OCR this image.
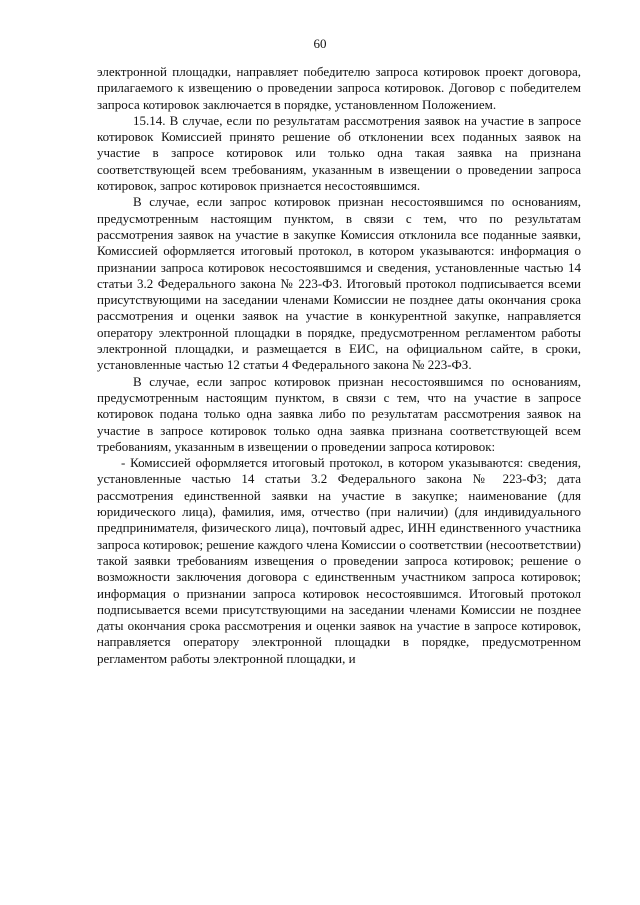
60

электронной площадки, направляет победителю запроса котировок проект договора, прилагаемого к извещению о проведении запроса котировок. Договор с победителем запроса котировок заключается в порядке, установленном Положением.

15.14. В случае, если по результатам рассмотрения заявок на участие в запросе котировок Комиссией принято решение об отклонении всех поданных заявок на участие в запросе котировок или только одна такая заявка на признана соответствующей всем требованиям, указанным в извещении о проведении запроса котировок, запрос котировок признается несостоявшимся.

В случае, если запрос котировок признан несостоявшимся по основаниям, предусмотренным настоящим пунктом, в связи с тем, что по результатам рассмотрения заявок на участие в закупке Комиссия отклонила все поданные заявки, Комиссией оформляется итоговый протокол, в котором указываются: информация о признании запроса котировок несостоявшимся и сведения, установленные частью 14 статьи 3.2 Федерального закона № 223-ФЗ. Итоговый протокол подписывается всеми присутствующими на заседании членами Комиссии не позднее даты окончания срока рассмотрения и оценки заявок на участие в конкурентной закупке, направляется оператору электронной площадки в порядке, предусмотренном регламентом работы электронной площадки, и размещается в ЕИС, на официальном сайте, в сроки, установленные частью 12 статьи 4 Федерального закона № 223-ФЗ.

В случае, если запрос котировок признан несостоявшимся по основаниям, предусмотренным настоящим пунктом, в связи с тем, что на участие в запросе котировок подана только одна заявка либо по результатам рассмотрения заявок на участие в запросе котировок только одна заявка признана соответствующей всем требованиям, указанным в извещении о проведении запроса котировок:

- Комиссией оформляется итоговый протокол, в котором указываются: сведения, установленные частью 14 статьи 3.2 Федерального закона № 223-ФЗ; дата рассмотрения единственной заявки на участие в закупке; наименование (для юридического лица), фамилия, имя, отчество (при наличии) (для индивидуального предпринимателя, физического лица), почтовый адрес, ИНН единственного участника запроса котировок; решение каждого члена Комиссии о соответствии (несоответствии) такой заявки требованиям извещения о проведении запроса котировок; решение о возможности заключения договора с единственным участником запроса котировок; информация о признании запроса котировок несостоявшимся. Итоговый протокол подписывается всеми присутствующими на заседании членами Комиссии не позднее даты окончания срока рассмотрения и оценки заявок на участие в запросе котировок, направляется оператору электронной площадки в порядке, предусмотренном регламентом работы электронной площадки, и
